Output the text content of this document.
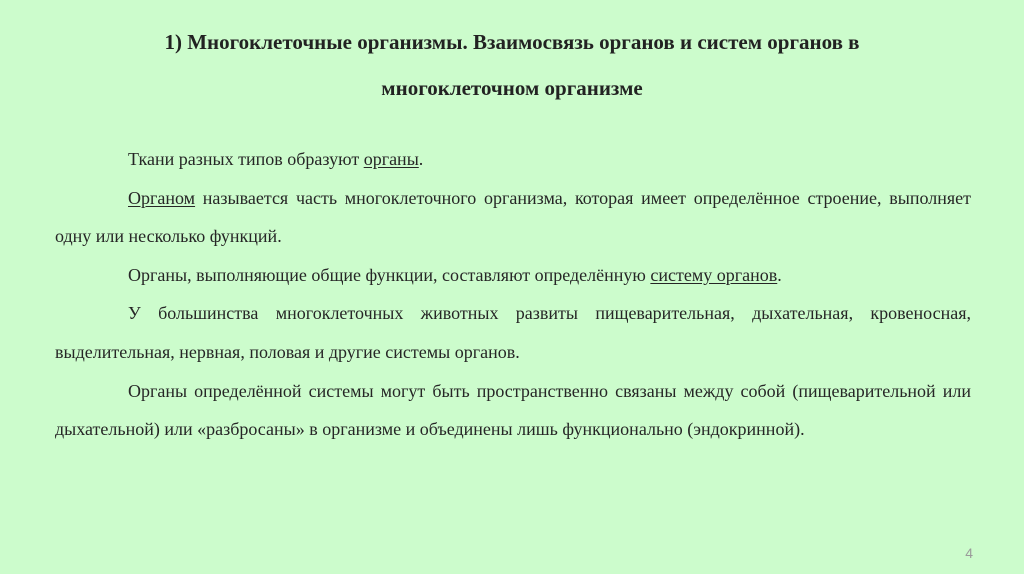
1) Многоклеточные организмы. Взаимосвязь органов и систем органов в
многоклеточном организме

Ткани разных типов образуют органы.

Органом называется часть многоклеточного организма, которая имеет определённое строение, выполняет одну или несколько функций.

Органы, выполняющие общие функции, составляют определённую систему органов.

У большинства многоклеточных животных развиты пищеварительная, дыхательная, кровеносная, выделительная, нервная, половая и другие системы органов.

Органы определённой системы могут быть пространственно связаны между собой (пищеварительной или дыхательной) или «разбросаны» в организме и объединены лишь функционально (эндокринной).

4
